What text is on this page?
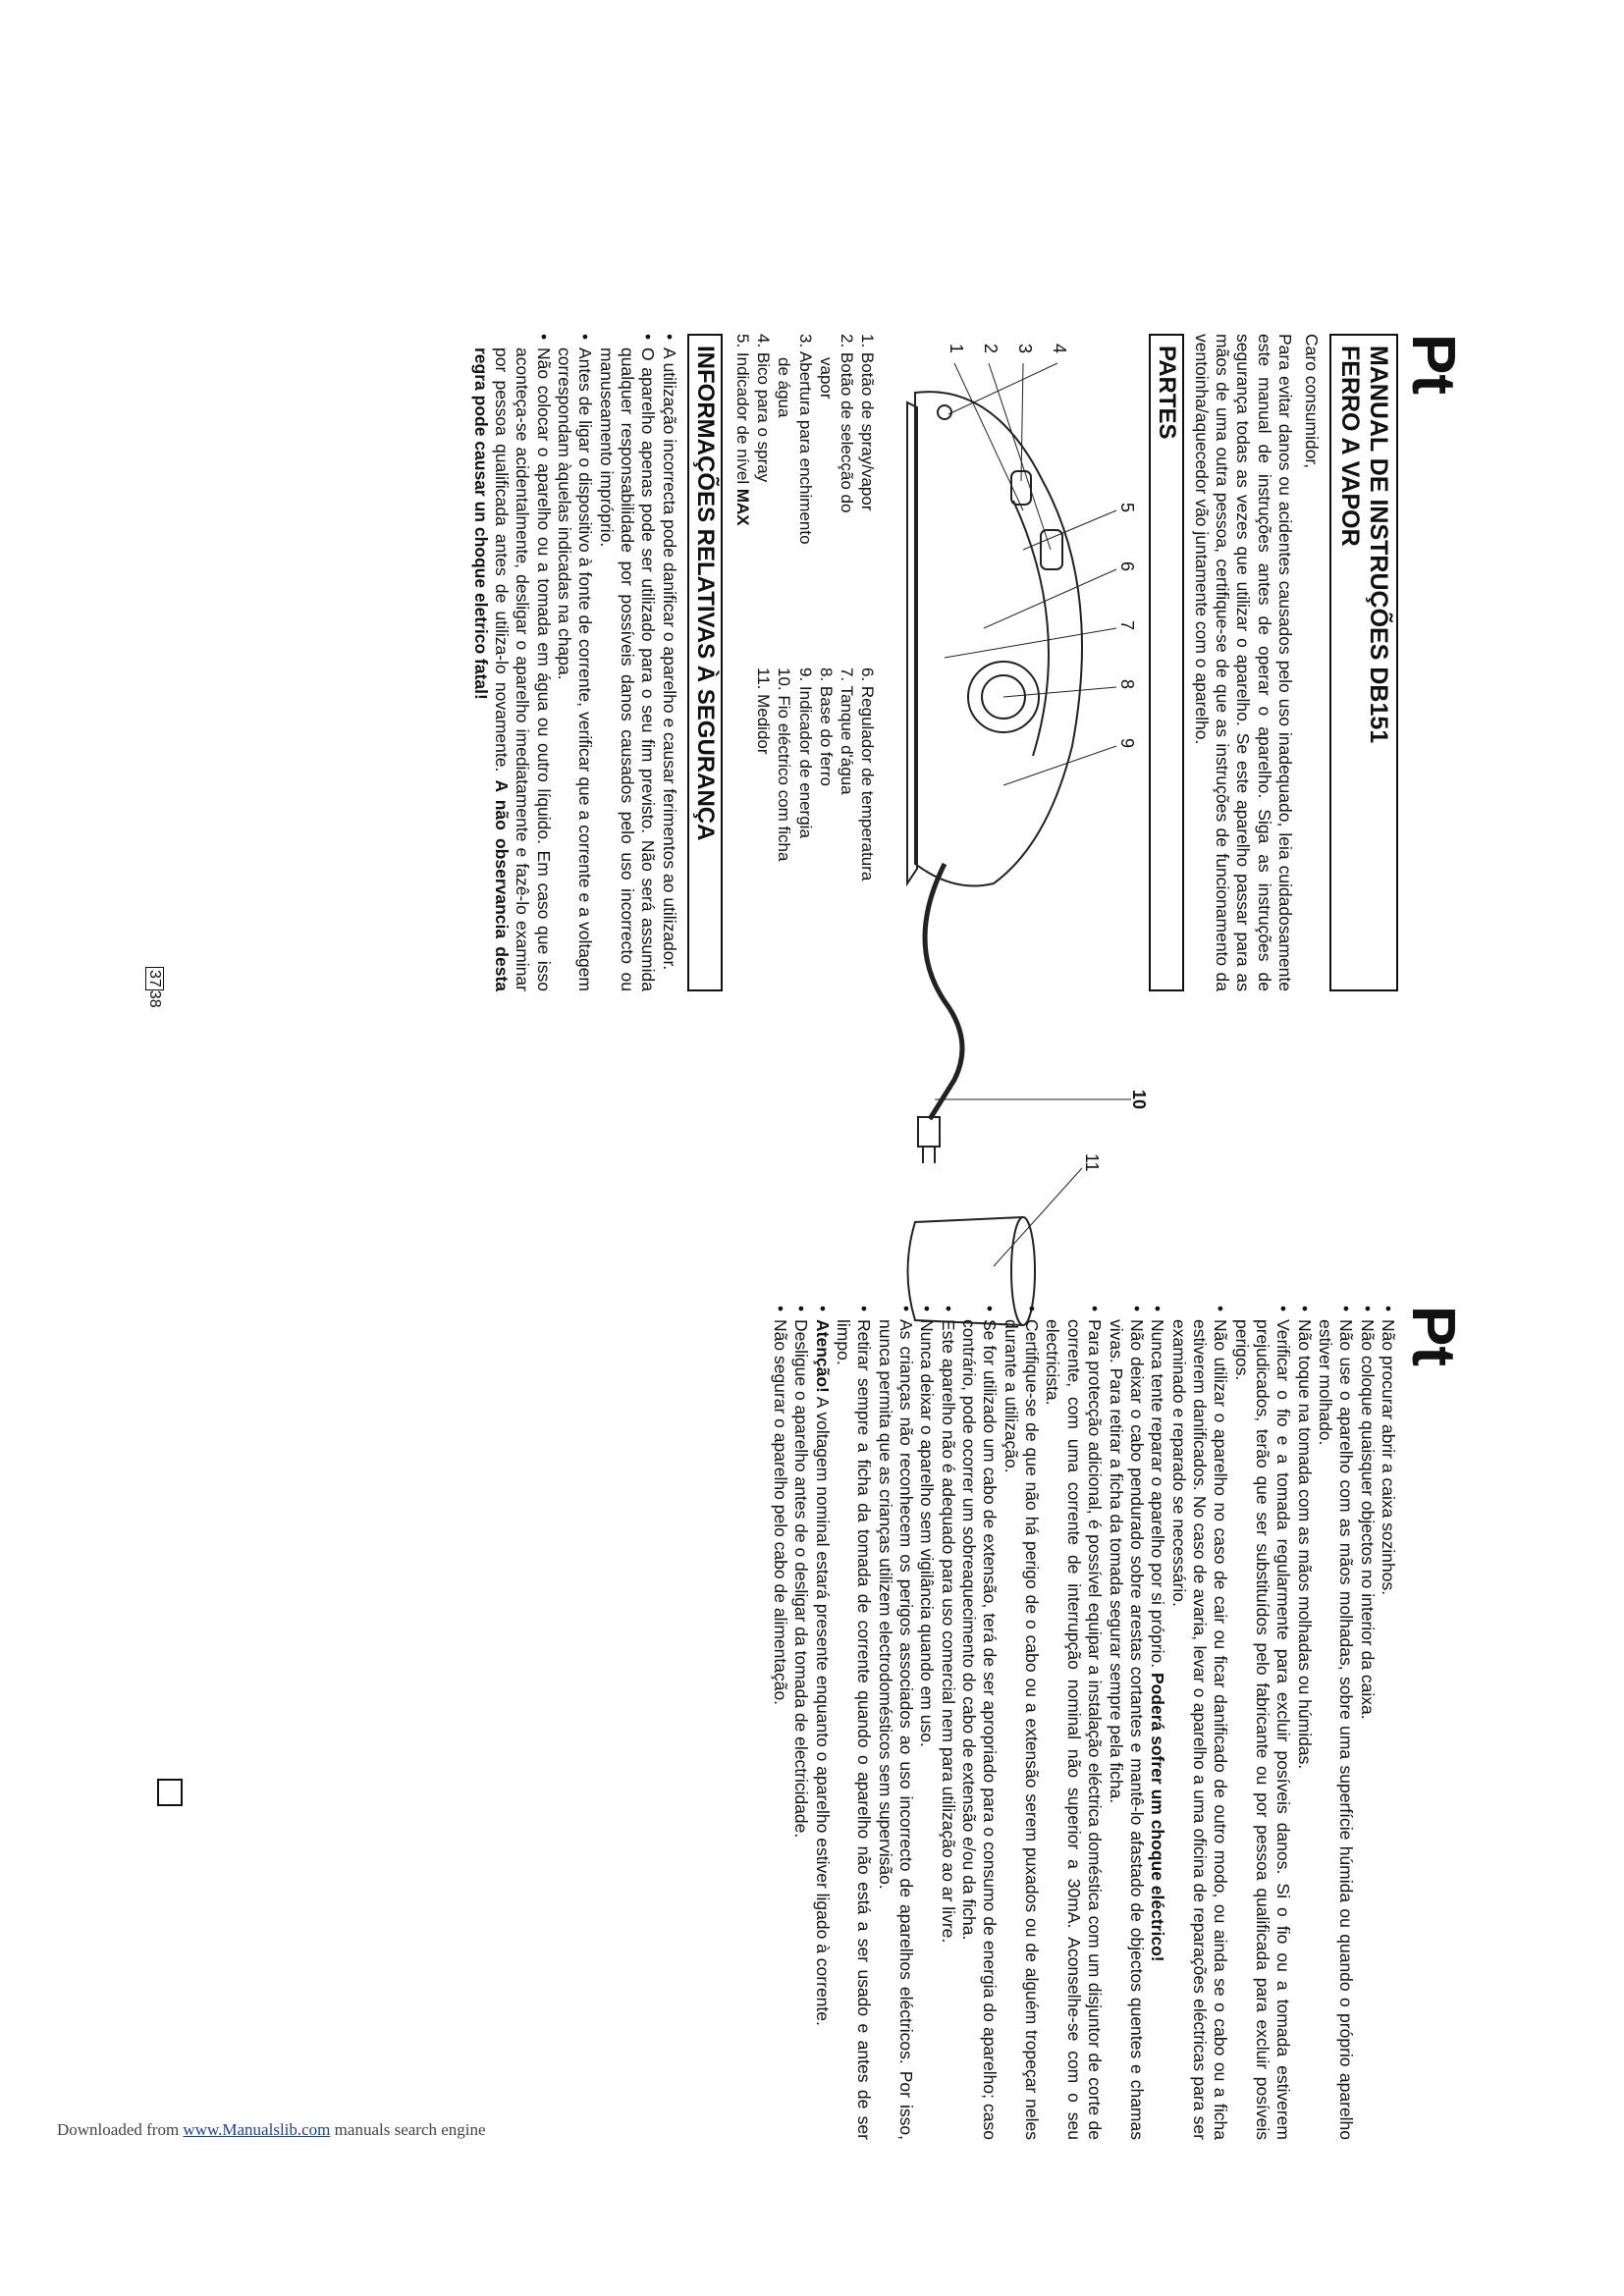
Pt
MANUAL DE INSTRUÇÕES DB151
FERRO A VAPOR

Caro consumidor,

Para evitar danos ou acidentes causados pelo uso inadequado, leia cuidadosamente este manual de instruções antes de operar o aparelho. Siga as instruções de segurança todas as vezes que utilizar o aparelho. Se este aparelho passar para as mãos de uma outra pessoa, certifique-se de que as instruções de funcionamento da ventoinha/aquecedor vão juntamente com o aparelho.

PARTES
1 2 3 4
5
6
7
8
9
10
11
1. Botão de spray/vapor
2. Botão de selecção do
vapor
3. Abertura para enchimento
de água
4. Bico para o spray
5. Indicador de nível MAX
6. Regulador de temperatura
7. Tanque d'água
8. Base do ferro
9. Indicador de energia
10. Fio eléctrico com ficha
11. Medidor
INFORMAÇÕES RELATIVAS À SEGURANÇA
• A utilização incorrecta pode danificar o aparelho e causar ferimentos ao utilizador.
• O aparelho apenas pode ser utilizado para o seu fim previsto. Não será assumida qualquer responsabilidade por possíveis danos causados pelo uso incorrecto ou manuseamento impróprio.
• Antes de ligar o dispositivo à fonte de corrente, verificar que a corrente e a voltagem correspondam àquelas indicadas na chapa.
• Não colocar o aparelho ou a tomada em água ou outro líquido. Em caso que isso aconteça-se acidentalmente, desligar o aparelho imediatamente e fazê-lo examinar por pessoa qualificada antes de utiliza-lo novamente. A não observancia desta regra pode causar un choque eletrico fatal!
3738
Pt
• Não procurar abrir a caixa sozinhos.
• Não coloque quaisquer objectos no interior da caixa.
• Não use o aparelho com as mãos molhadas, sobre uma superfície húmida ou quando o próprio aparelho estiver molhado.
• Não toque na tomada com as mãos molhadas ou húmidas.
• Verificar o fio e a tomada regularmente para excluir posíveis danos. Si o fio ou a tomada estiverem prejudicados, terão que ser substituídos pelo fabricante ou por pessoa qualificada para excluir posíveis perigos.
• Não utilizar o aparelho no caso de cair ou ficar danificado de outro modo, ou ainda se o cabo ou a ficha estiverem danificados. No caso de avaria, levar o aparelho a uma oficina de reparações eléctricas para ser examinado e reparado se necessário.
• Nunca tente reparar o aparelho por si próprio. Poderá sofrer um choque eléctrico!
• Não deixar o cabo pendurado sobre arestas cortantes e mantê-lo afastado de objectos quentes e chamas vivas. Para retirar a ficha da tomada segurar sempre pela ficha.
• Para protecção adicional, é possível equipar a instalação eléctrica doméstica com um disjuntor de corte de corrente, com uma corrente de interrupção nominal não superior a 30mA. Aconselhe-se com o seu electricista.
• Certifique-se de que não há perigo de o cabo ou a extensão serem puxados ou de alguém tropeçar neles durante a utilização.
• Se for utilizado um cabo de extensão, terá de ser apropriado para o consumo de energia do aparelho; caso contrário, pode ocorrer um sobreaquecimento do cabo de extensão e/ou da ficha.
• Este aparelho não é adequado para uso comercial nem para utilização ao ar livre.
• Nunca deixar o aparelho sem vigilância quando em uso.
• As crianças não reconhecem os perigos associados ao uso incorrecto de aparelhos eléctricos. Por isso, nunca permita que as crianças utilizem electrodomésticos sem supervisão.
• Retirar sempre a ficha da tomada de corrente quando o aparelho não está a ser usado e antes de ser limpo.
• Atenção! A voltagem nominal estará presente enquanto o aparelho estiver ligado à corrente.
• Desligue o aparelho antes de o desligar da tomada de electricidade.
• Não segurar o aparelho pelo cabo de alimentação.
Downloaded from www.Manualslib.com manuals search engine
